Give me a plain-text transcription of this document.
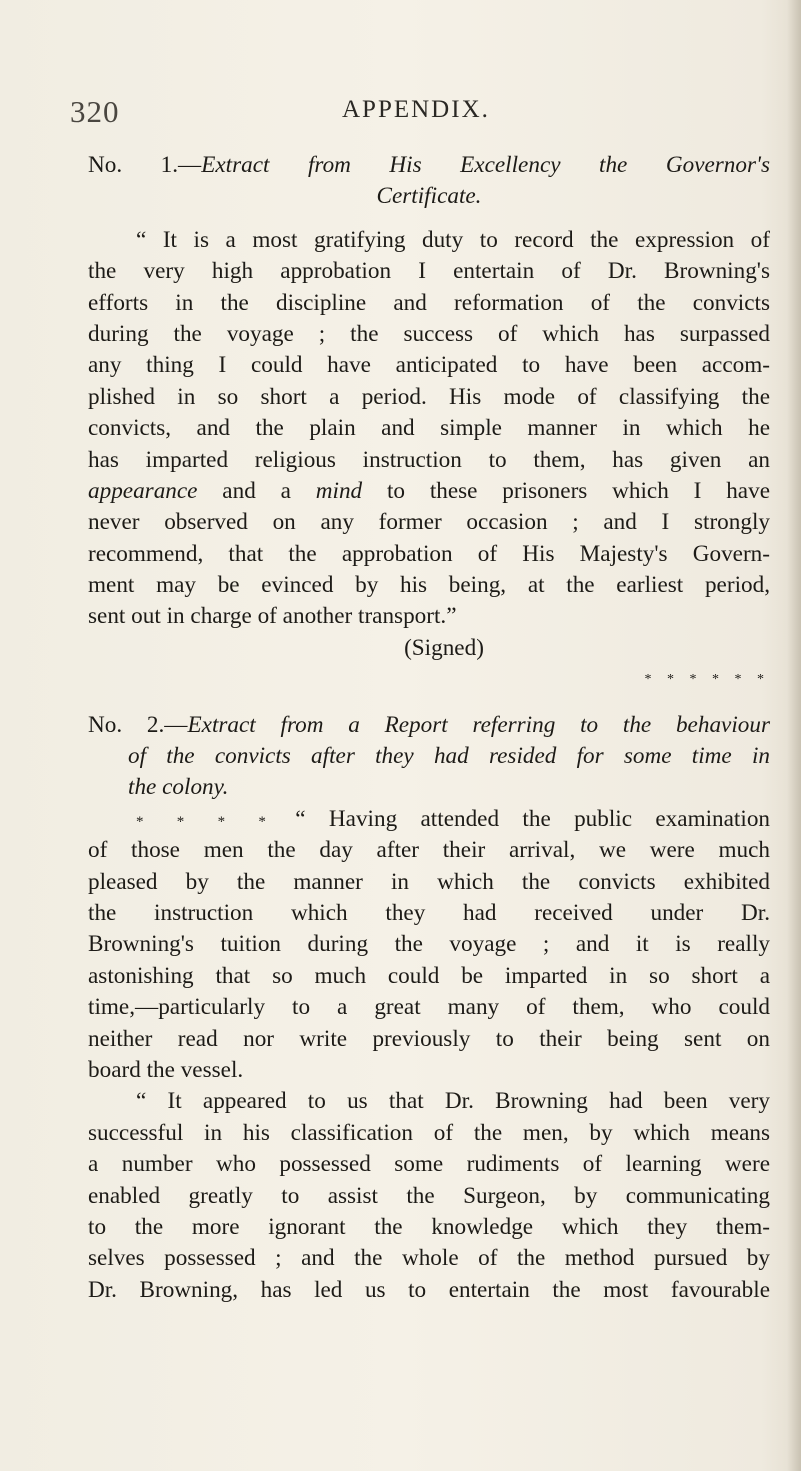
320	APPENDIX.
No. 1.—Extract from His Excellency the Governor's
Certificate.
“ It is a most gratifying duty to record the expression of
the very high approbation I entertain of Dr. Browning's
efforts in the discipline and reformation of the convicts
during the voyage ; the success of which has surpassed
any thing I could have anticipated to have been accom-
plished in so short a period. His mode of classifying the
convicts, and the plain and simple manner in which he
has imparted religious instruction to them, has given an
appearance and a mind to these prisoners which I have
never observed on any former occasion ; and I strongly
recommend, that the approbation of His Majesty's Govern-
ment may be evinced by his being, at the earliest period,
sent out in charge of another transport.”
(Signed)
* * * * * *
No. 2.—Extract from a Report referring to the behaviour
of the convicts after they had resided for some time in
the colony.
* * * * “ Having attended the public examination
of those men the day after their arrival, we were much
pleased by the manner in which the convicts exhibited
the instruction which they had received under Dr.
Browning's tuition during the voyage ; and it is really
astonishing that so much could be imparted in so short a
time,—particularly to a great many of them, who could
neither read nor write previously to their being sent on
board the vessel.
“ It appeared to us that Dr. Browning had been very
successful in his classification of the men, by which means
a number who possessed some rudiments of learning were
enabled greatly to assist the Surgeon, by communicating
to the more ignorant the knowledge which they them-
selves possessed ; and the whole of the method pursued by
Dr. Browning, has led us to entertain the most favourable
